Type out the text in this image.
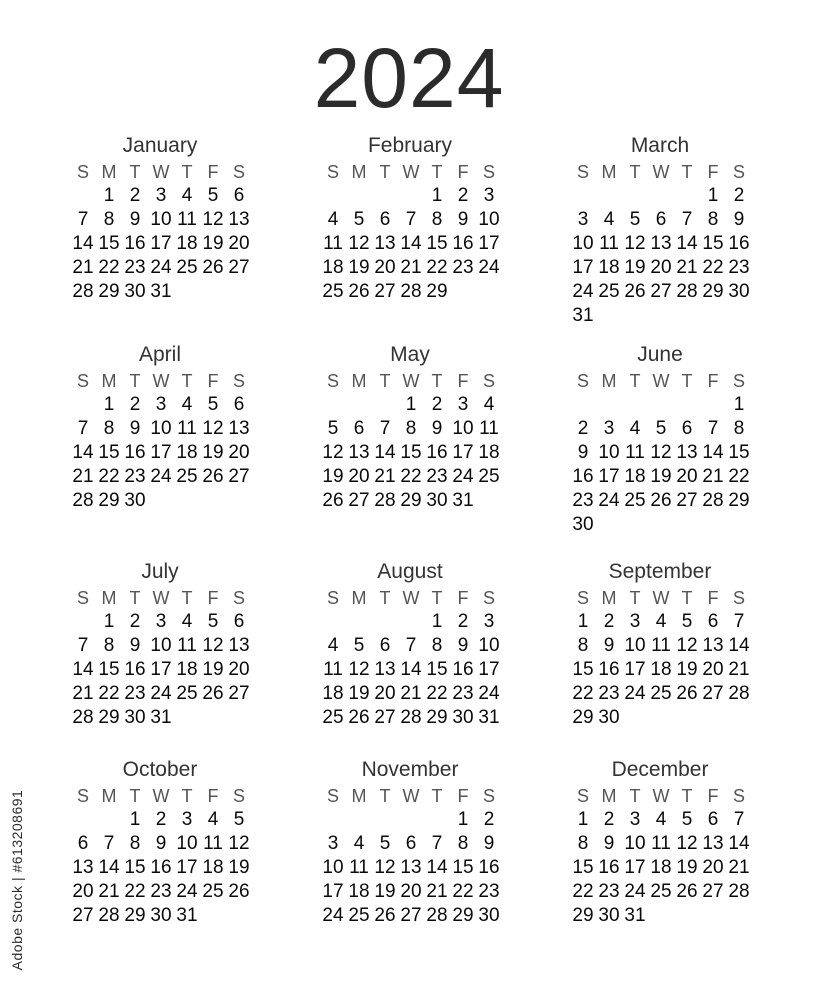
2024
January
S M T W T F S
1 2 3 4 5 6
7 8 9 10 11 12 13
14 15 16 17 18 19 20
21 22 23 24 25 26 27
28 29 30 31
February
S M T W T F S
1 2 3
4 5 6 7 8 9 10
11 12 13 14 15 16 17
18 19 20 21 22 23 24
25 26 27 28 29
March
S M T W T F S
1 2
3 4 5 6 7 8 9
10 11 12 13 14 15 16
17 18 19 20 21 22 23
24 25 26 27 28 29 30
31
April
S M T W T F S
1 2 3 4 5 6
7 8 9 10 11 12 13
14 15 16 17 18 19 20
21 22 23 24 25 26 27
28 29 30
May
S M T W T F S
1 2 3 4
5 6 7 8 9 10 11
12 13 14 15 16 17 18
19 20 21 22 23 24 25
26 27 28 29 30 31
June
S M T W T F S
1
2 3 4 5 6 7 8
9 10 11 12 13 14 15
16 17 18 19 20 21 22
23 24 25 26 27 28 29
30
July
S M T W T F S
1 2 3 4 5 6
7 8 9 10 11 12 13
14 15 16 17 18 19 20
21 22 23 24 25 26 27
28 29 30 31
August
S M T W T F S
1 2 3
4 5 6 7 8 9 10
11 12 13 14 15 16 17
18 19 20 21 22 23 24
25 26 27 28 29 30 31
September
S M T W T F S
1 2 3 4 5 6 7
8 9 10 11 12 13 14
15 16 17 18 19 20 21
22 23 24 25 26 27 28
29 30
October
S M T W T F S
1 2 3 4 5
6 7 8 9 10 11 12
13 14 15 16 17 18 19
20 21 22 23 24 25 26
27 28 29 30 31
November
S M T W T F S
1 2
3 4 5 6 7 8 9
10 11 12 13 14 15 16
17 18 19 20 21 22 23
24 25 26 27 28 29 30
December
S M T W T F S
1 2 3 4 5 6 7
8 9 10 11 12 13 14
15 16 17 18 19 20 21
22 23 24 25 26 27 28
29 30 31
Adobe Stock | #613208691
